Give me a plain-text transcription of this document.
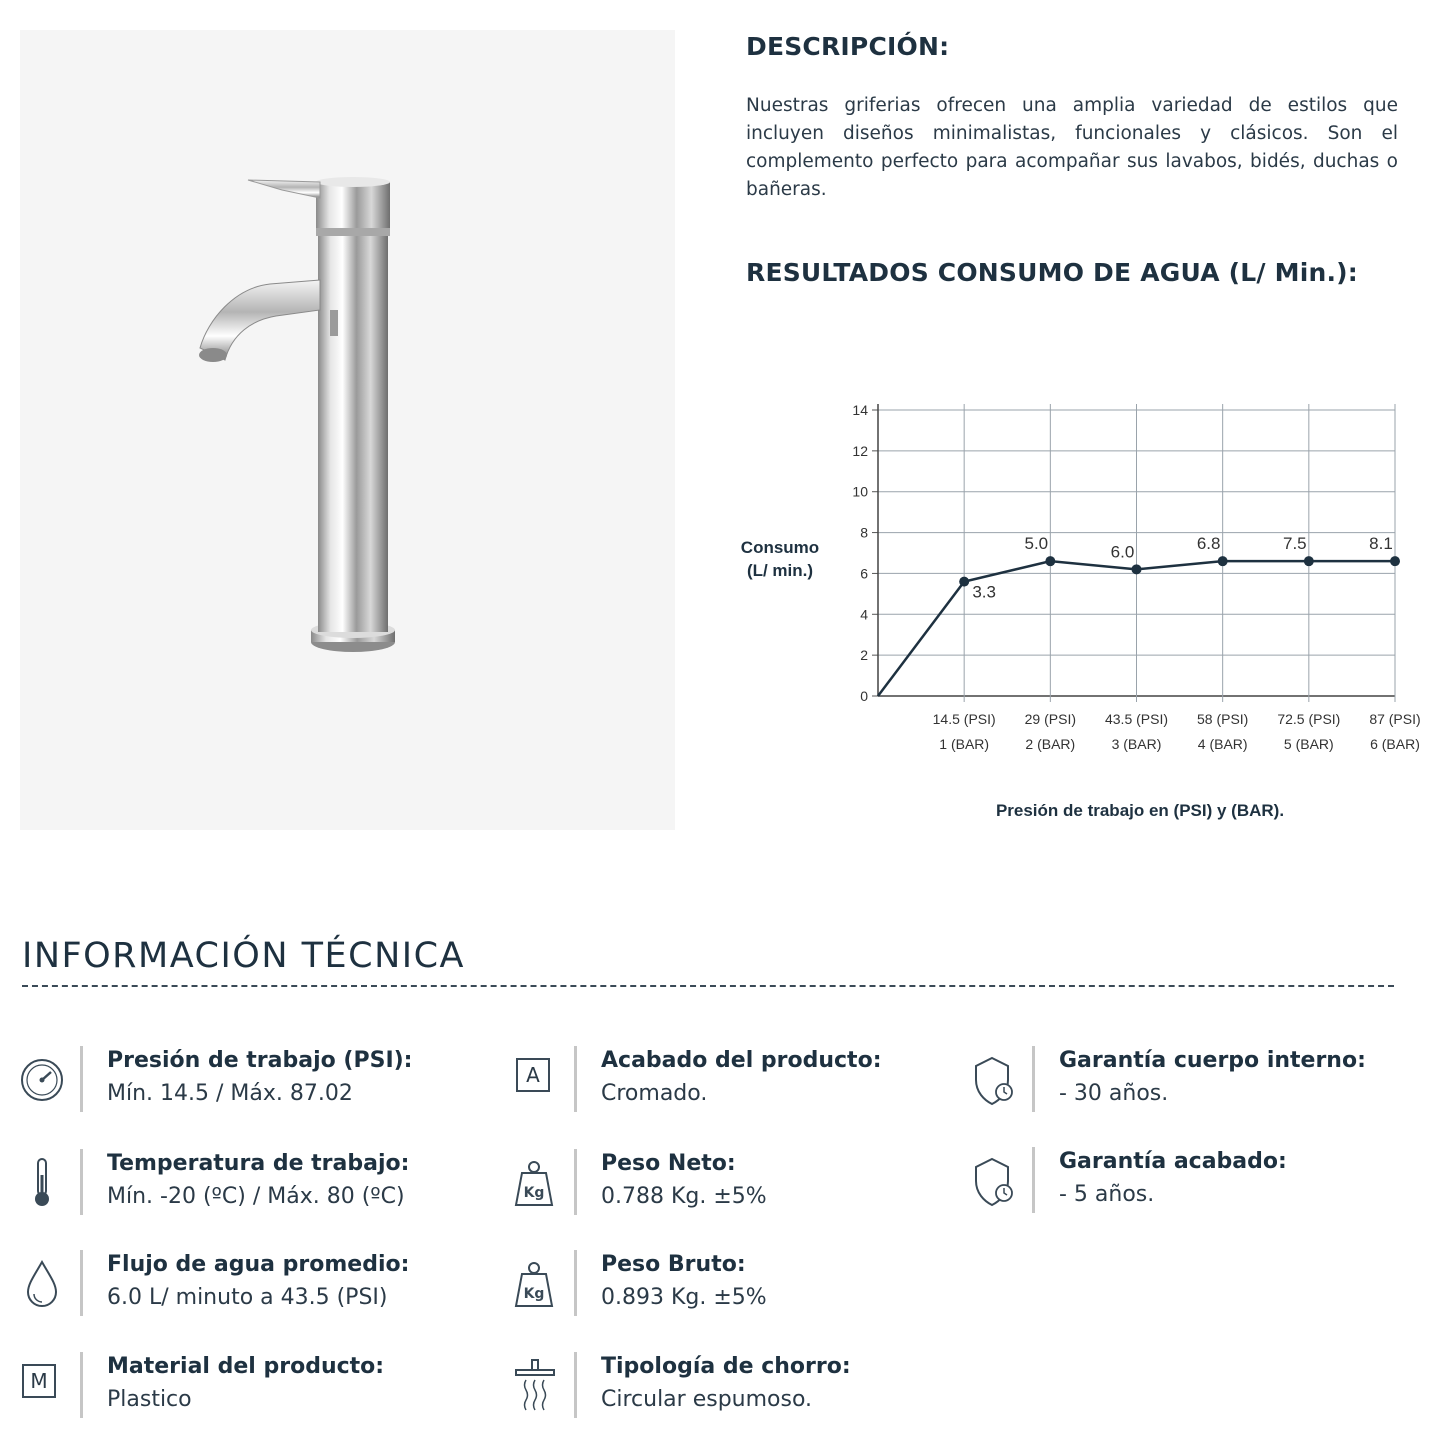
DESCRIPCIÓN:

Nuestras griferias ofrecen una amplia variedad de estilos que incluyen diseños minimalistas, funcionales y clásicos. Son el complemento perfecto para acompañar sus lavabos, bidés, duchas o bañeras.

RESULTADOS CONSUMO DE AGUA (L/ Min.):
0
2
4
6
8
10
12
14
14.5 (PSI)
1 (BAR)
29 (PSI)
2 (BAR)
43.5 (PSI)
3 (BAR)
58 (PSI)
4 (BAR)
72.5 (PSI)
5 (BAR)
87 (PSI)
6 (BAR)
3.3
5.0	6.0	6.8	7.5	8.1
Consumo
(L/ min.)
Presión de trabajo en (PSI) y (BAR).
INFORMACIÓN TÉCNICA
Presión de trabajo (PSI):
Mín. 14.5 / Máx. 87.02
Temperatura de trabajo:
Mín. -20 (ºC) / Máx. 80 (ºC)
Flujo de agua promedio:
6.0 L/ minuto a 43.5 (PSI)
M
Material del producto:
Plastico
A
Acabado del producto:
Cromado.
Kg
Peso Neto:
0.788 Kg. ±5%
Kg
Peso Bruto:
0.893 Kg. ±5%
Tipología de chorro:
Circular espumoso.
Garantía cuerpo interno:
- 30 años.
Garantía acabado:
- 5 años.
